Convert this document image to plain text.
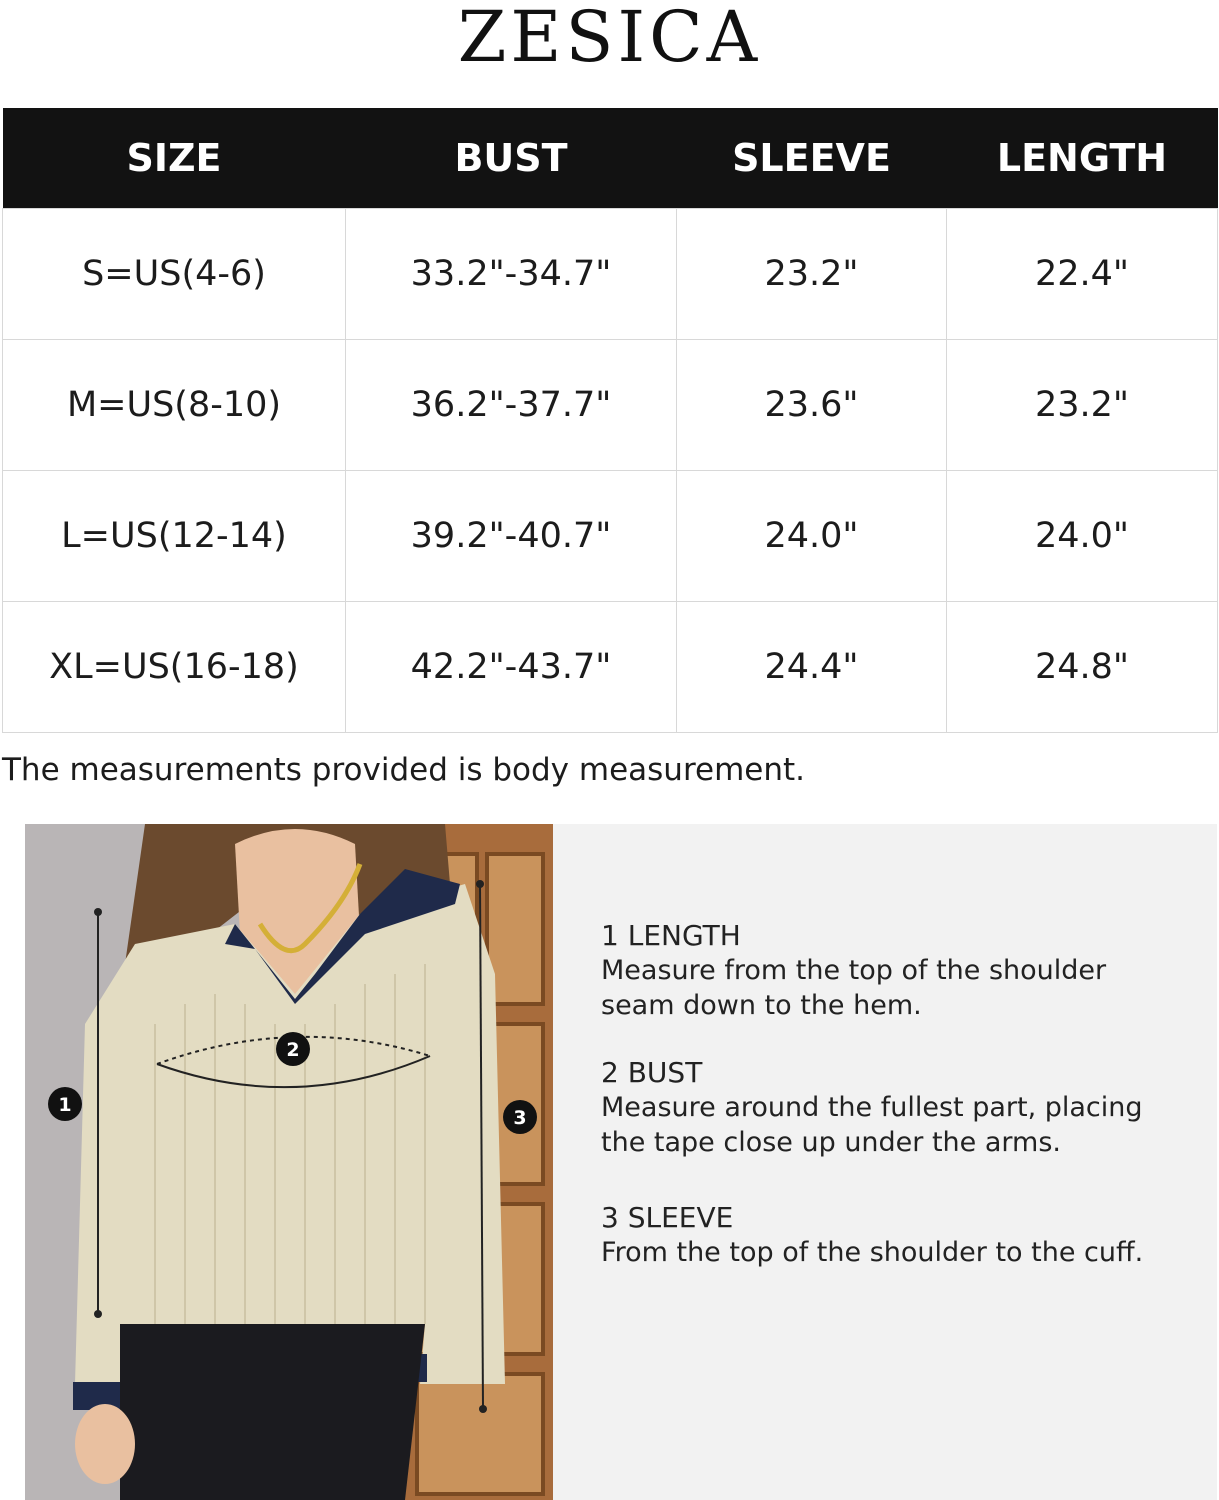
ZESICA
SIZE	BUST	SLEEVE	LENGTH
S=US(4-6)	33.2"-34.7"	23.2"	22.4"
M=US(8-10)	36.2"-37.7"	23.6"	23.2"
L=US(12-14)	39.2"-40.7"	24.0"	24.0"
XL=US(16-18)	42.2"-43.7"	24.4"	24.8"
The measurements provided is body measurement.
1
2
3
1 LENGTH
Measure from the top of the shoulder
seam down to the hem.
2 BUST
Measure around the fullest part, placing
the tape close up under the arms.
3 SLEEVE
From the top of the shoulder to the cuff.
